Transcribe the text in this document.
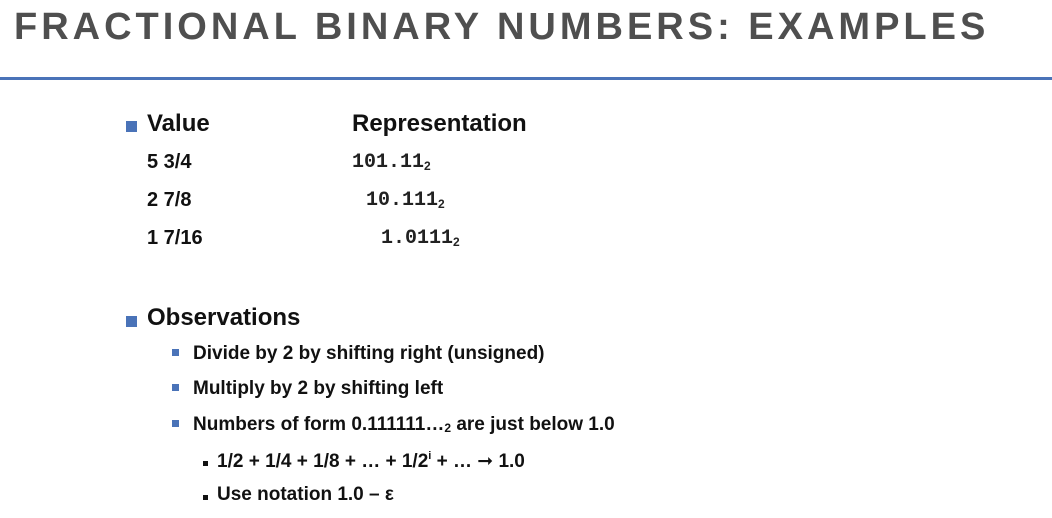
FRACTIONAL BINARY NUMBERS: EXAMPLES
Value	Representation
5 3/4	$101.11_2$
2 7/8	$10.111_2$
1 7/16	$1.0111_2$
Observations
Divide by 2 by shifting right (unsigned)
Multiply by 2 by shifting left
Numbers of form 0.111111…2 are just below 1.0
1/2 + 1/4 + 1/8 + … + $1/2^i$ + … ➞ 1.0
Use notation 1.0 – ε
